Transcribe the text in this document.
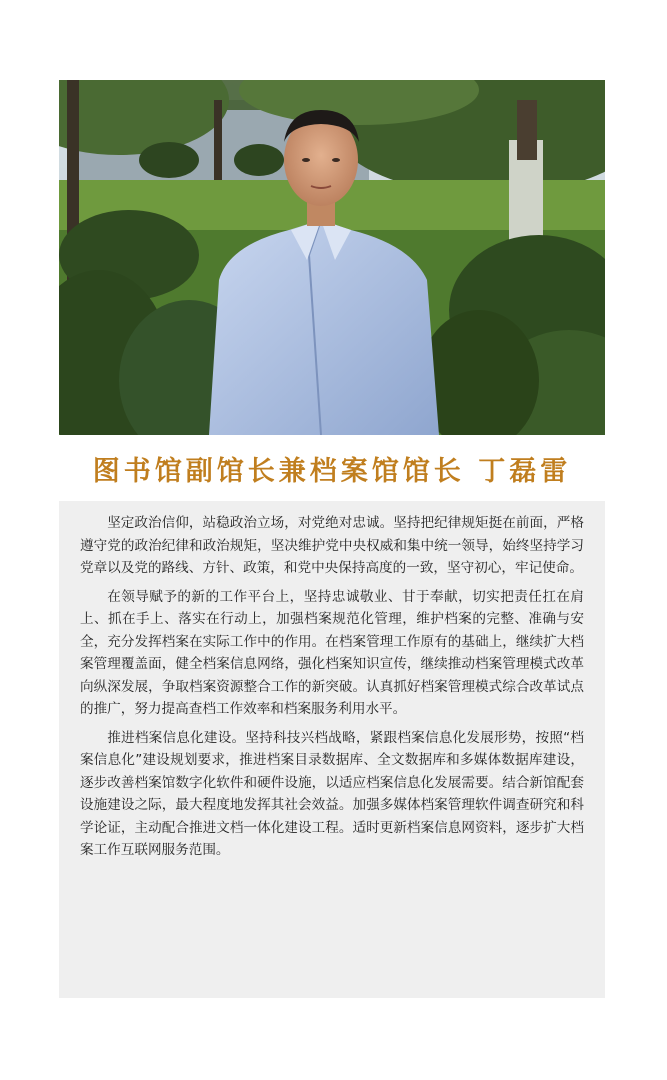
图书馆副馆长兼档案馆馆长 丁磊雷

坚定政治信仰，站稳政治立场，对党绝对忠诚。坚持把纪律规矩挺在前面，严格遵守党的政治纪律和政治规矩，坚决维护党中央权威和集中统一领导，始终坚持学习党章以及党的路线、方针、政策，和党中央保持高度的一致，坚守初心，牢记使命。

在领导赋予的新的工作平台上，坚持忠诚敬业、甘于奉献，切实把责任扛在肩上、抓在手上、落实在行动上，加强档案规范化管理，维护档案的完整、准确与安全，充分发挥档案在实际工作中的作用。在档案管理工作原有的基础上，继续扩大档案管理覆盖面，健全档案信息网络，强化档案知识宣传，继续推动档案管理模式改革向纵深发展，争取档案资源整合工作的新突破。认真抓好档案管理模式综合改革试点的推广，努力提高查档工作效率和档案服务利用水平。

推进档案信息化建设。坚持科技兴档战略，紧跟档案信息化发展形势，按照“档案信息化”建设规划要求，推进档案目录数据库、全文数据库和多媒体数据库建设，逐步改善档案馆数字化软件和硬件设施，以适应档案信息化发展需要。结合新馆配套设施建设之际，最大程度地发挥其社会效益。加强多媒体档案管理软件调查研究和科学论证，主动配合推进文档一体化建设工程。适时更新档案信息网资料，逐步扩大档案工作互联网服务范围。
